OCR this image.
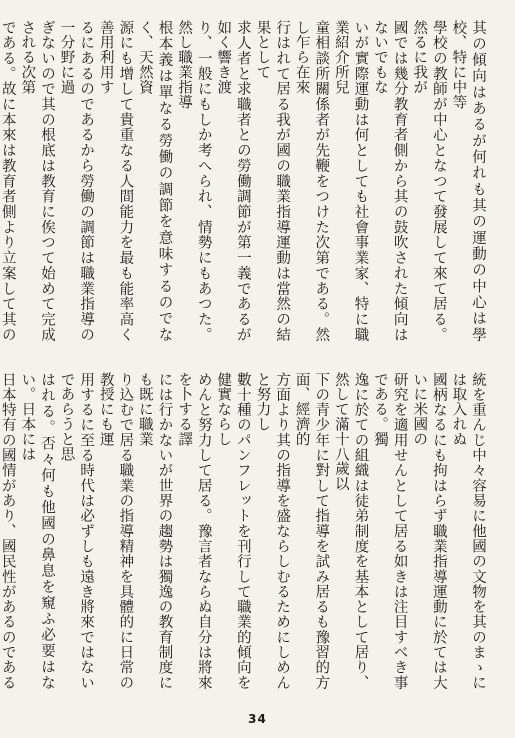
其の傾向はあるが何れも其の運動の中心は學校、特に中等
學校の教師が中心となつて發展して來て居る。然るに我が
國では幾分教育者側から其の鼓吹された傾向はないでもな
いが實際運動は何としても社會事業家、特に職業紹介所兒
童相談所關係者が先鞭をつけた次第である。然し乍ら在來
行はれて居る我が國の職業指導運動は當然の結果として
求人者と求職者との勞働調節が第一義であるが如く響き渡
り、一般にもしか考へられ、情勢にもあつた。然し職業指導
根本義は單なる勞働の調節を意味するのでなく、天然資
源にも增して貴重なる人間能力を最も能率高く善用利用す
るにあるのであるから勞働の調節は職業指導の一分野に過
ぎないので其の根底は教育に俟つて始めて完成される次第
である。故に本來は教育者側より立案して其の
統を重んじ中々容易に他國の文物を其のまゝには取入れぬ
國柄なるにも拘はらず職業指導運動に於ては大いに米國の
研究を適用せんとして居る如きは注目すべき事である。獨
逸に於ての組織は徒弟制度を基本として居り、然して滿十八歲以
下の青少年に對して指導を試み居るも豫習的方面、經濟的
方面より其の指導を盛ならしむるためにしめんと努力し
數十種のパンフレットを刊行して職業的傾向を健實ならし
めんと努力して居る。豫言者ならぬ自分は將來を卜する譯
には行かないが世界の趨勢は獨逸の教育制度にも既に職業
り込むで居る職業の指導精神を具體的に日常の教授にも運
用するに至る時代は必ずしも遠き將來ではないであらうと思
はれる。否々何も他國の鼻息を窺ふ必要はない。日本には
日本特有の國情があり、國民性があるのである
34
